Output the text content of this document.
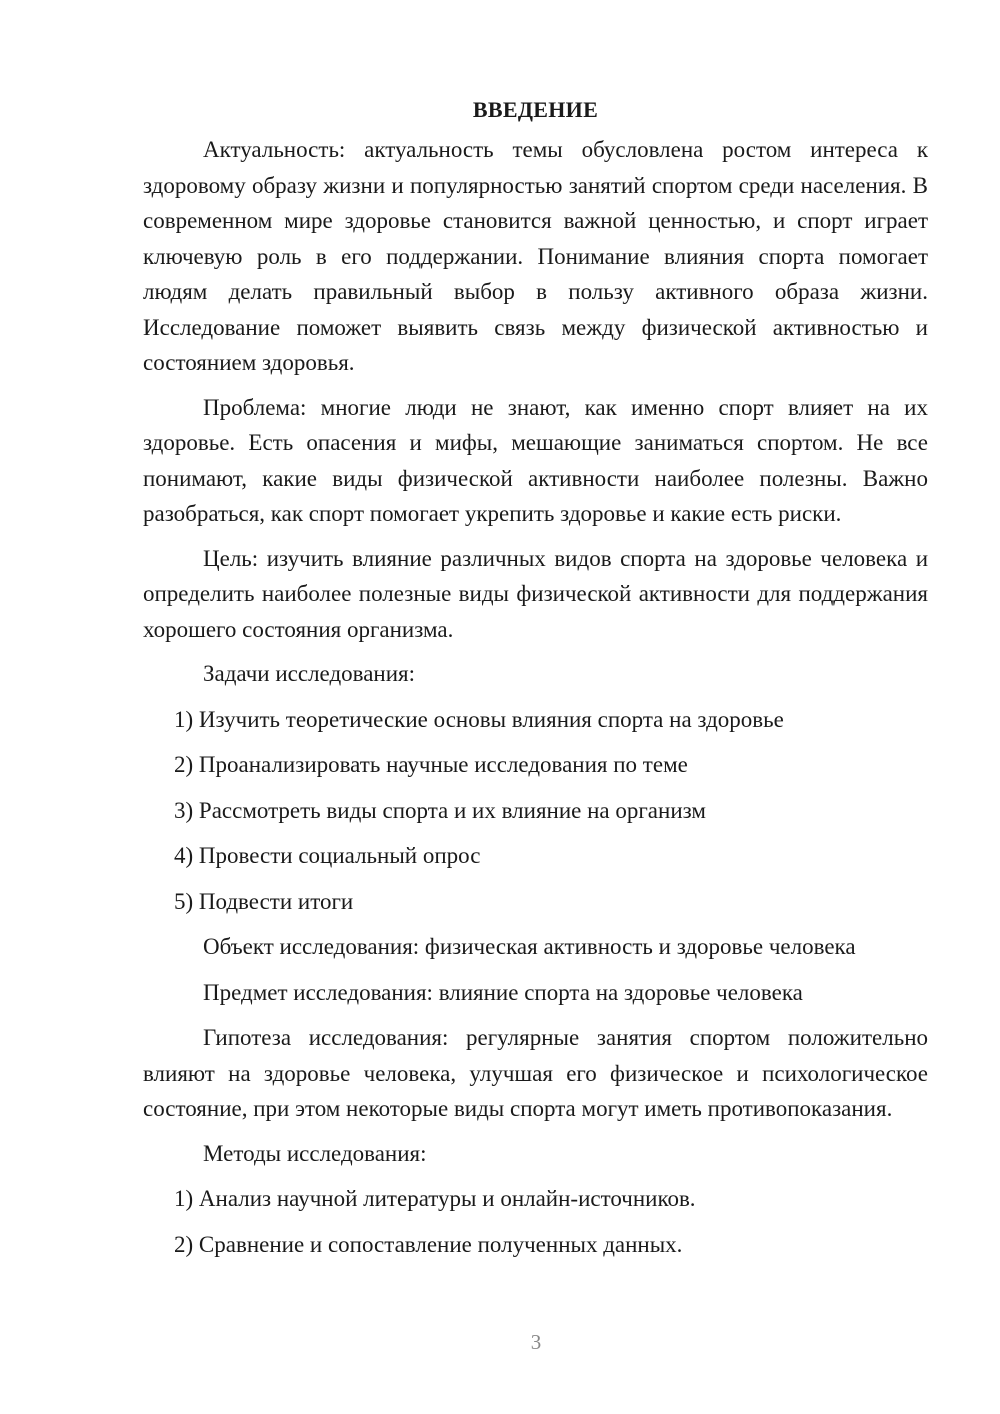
ВВЕДЕНИЕ

Актуальность: актуальность темы обусловлена ростом интереса к здоровому образу жизни и популярностью занятий спортом среди населения. В современном мире здоровье становится важной ценностью, и спорт играет ключевую роль в его поддержании. Понимание влияния спорта помогает людям делать правильный выбор в пользу активного образа жизни. Исследование поможет выявить связь между физической активностью и состоянием здоровья.

Проблема: многие люди не знают, как именно спорт влияет на их здоровье. Есть опасения и мифы, мешающие заниматься спортом. Не все понимают, какие виды физической активности наиболее полезны. Важно разобраться, как спорт помогает укрепить здоровье и какие есть риски.

Цель: изучить влияние различных видов спорта на здоровье человека и определить наиболее полезные виды физической активности для поддержания хорошего состояния организма.

Задачи исследования:
1) Изучить теоретические основы влияния спорта на здоровье
2) Проанализировать научные исследования по теме
3) Рассмотреть виды спорта и их влияние на организм
4) Провести социальный опрос
5) Подвести итоги
Объект исследования: физическая активность и здоровье человека
Предмет исследования: влияние спорта на здоровье человека

Гипотеза исследования: регулярные занятия спортом положительно влияют на здоровье человека, улучшая его физическое и психологическое состояние, при этом некоторые виды спорта могут иметь противопоказания.

Методы исследования:
1) Анализ научной литературы и онлайн-источников.
2) Сравнение и сопоставление полученных данных.
3
